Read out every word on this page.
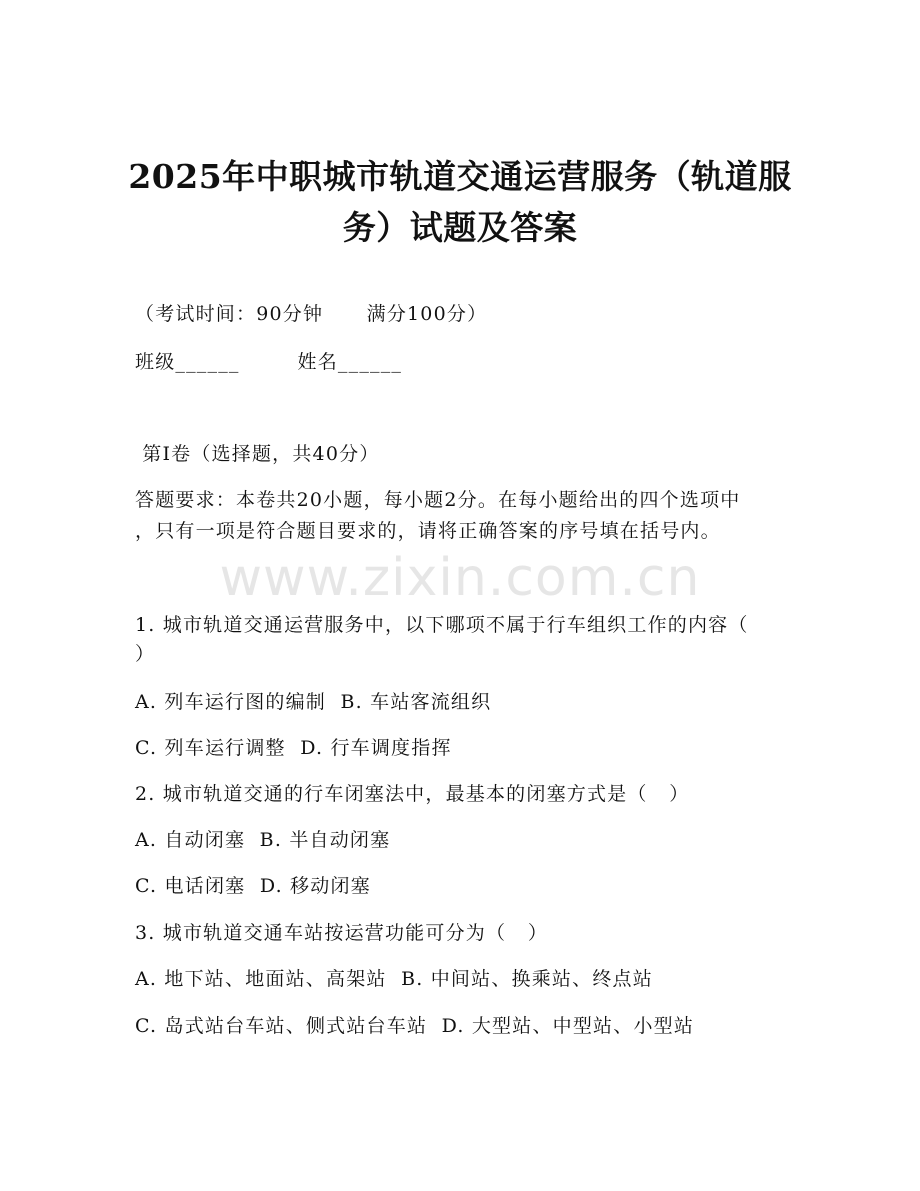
www.zixin.com.cn
2025年中职城市轨道交通运营服务（轨道服
务）试题及答案
（考试时间：90分钟      满分100分）
班级______        姓名______
第I卷（选择题，共40分）
答题要求：本卷共20小题，每小题2分。在每小题给出的四个选项中
，只有一项是符合题目要求的，请将正确答案的序号填在括号内。
1. 城市轨道交通运营服务中，以下哪项不属于行车组织工作的内容（
）
A. 列车运行图的编制  B. 车站客流组织
C. 列车运行调整  D. 行车调度指挥
2. 城市轨道交通的行车闭塞法中，最基本的闭塞方式是（   ）
A. 自动闭塞  B. 半自动闭塞
C. 电话闭塞  D. 移动闭塞
3. 城市轨道交通车站按运营功能可分为（   ）
A. 地下站、地面站、高架站  B. 中间站、换乘站、终点站
C. 岛式站台车站、侧式站台车站  D. 大型站、中型站、小型站
